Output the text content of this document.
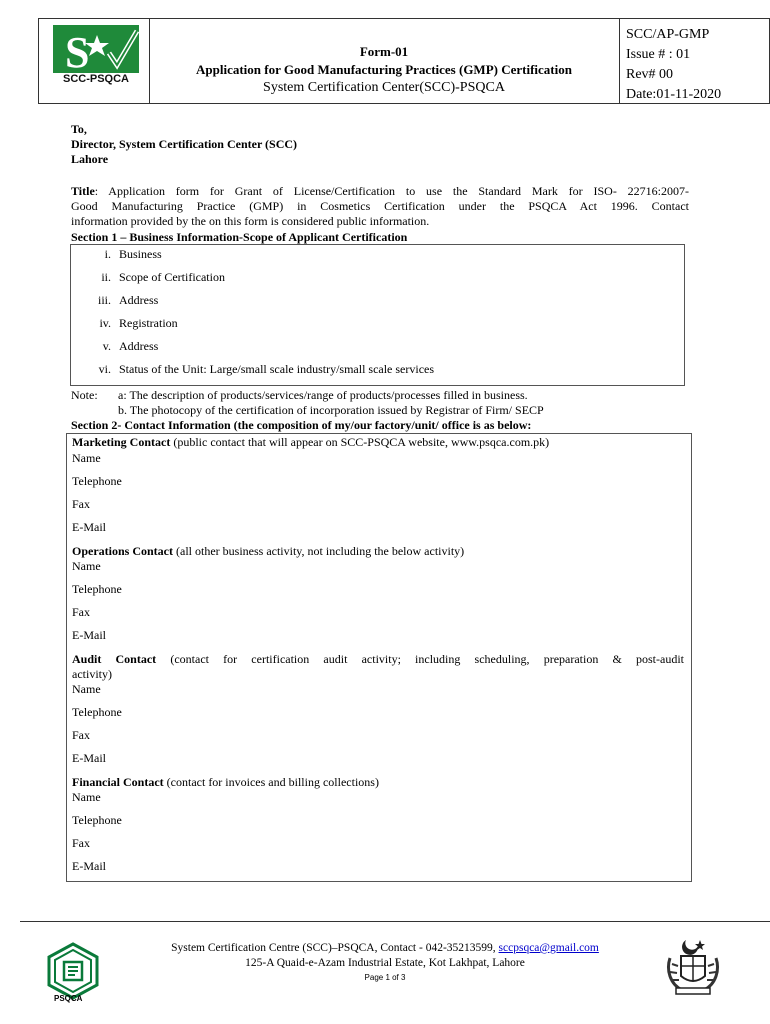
S
SCC-PSQCA
Form-01
Application for Good Manufacturing Practices (GMP) Certification
System Certification Center(SCC)-PSQCA
SCC/AP-GMP
Issue # : 01
Rev# 00
Date:01-11-2020
To,
Director, System Certification Center (SCC)
Lahore
Title: Application form for Grant of License/Certification to use the Standard Mark for ISO- 22716:2007-
Good Manufacturing Practice (GMP) in Cosmetics Certification under the PSQCA Act 1996. Contact
information provided by the on this form is considered public information.
Section 1 – Business Information-Scope of Applicant Certification
i. Business
ii. Scope of Certification
iii. Address
iv. Registration
v. Address
vi. Status of the Unit: Large/small scale industry/small scale services
Note: a: The description of products/services/range of products/processes filled in business.
b. The photocopy of the certification of incorporation issued by Registrar of Firm/ SECP
Section 2- Contact Information (the composition of my/our factory/unit/ office is as below:
Marketing Contact (public contact that will appear on SCC-PSQCA website, www.psqca.com.pk)
Name
Telephone
Fax
E-Mail
Operations Contact (all other business activity, not including the below activity)
Name
Telephone
Fax
E-Mail
Audit Contact (contact for certification audit activity; including scheduling, preparation & post-audit
activity)
Name
Telephone
Fax
E-Mail
Financial Contact (contact for invoices and billing collections)
Name
Telephone
Fax
E-Mail
PSQCA
System Certification Centre (SCC)–PSQCA, Contact - 042-35213599, sccpsqca@gmail.com
125-A Quaid-e-Azam Industrial Estate, Kot Lakhpat, Lahore
Page 1 of 3
